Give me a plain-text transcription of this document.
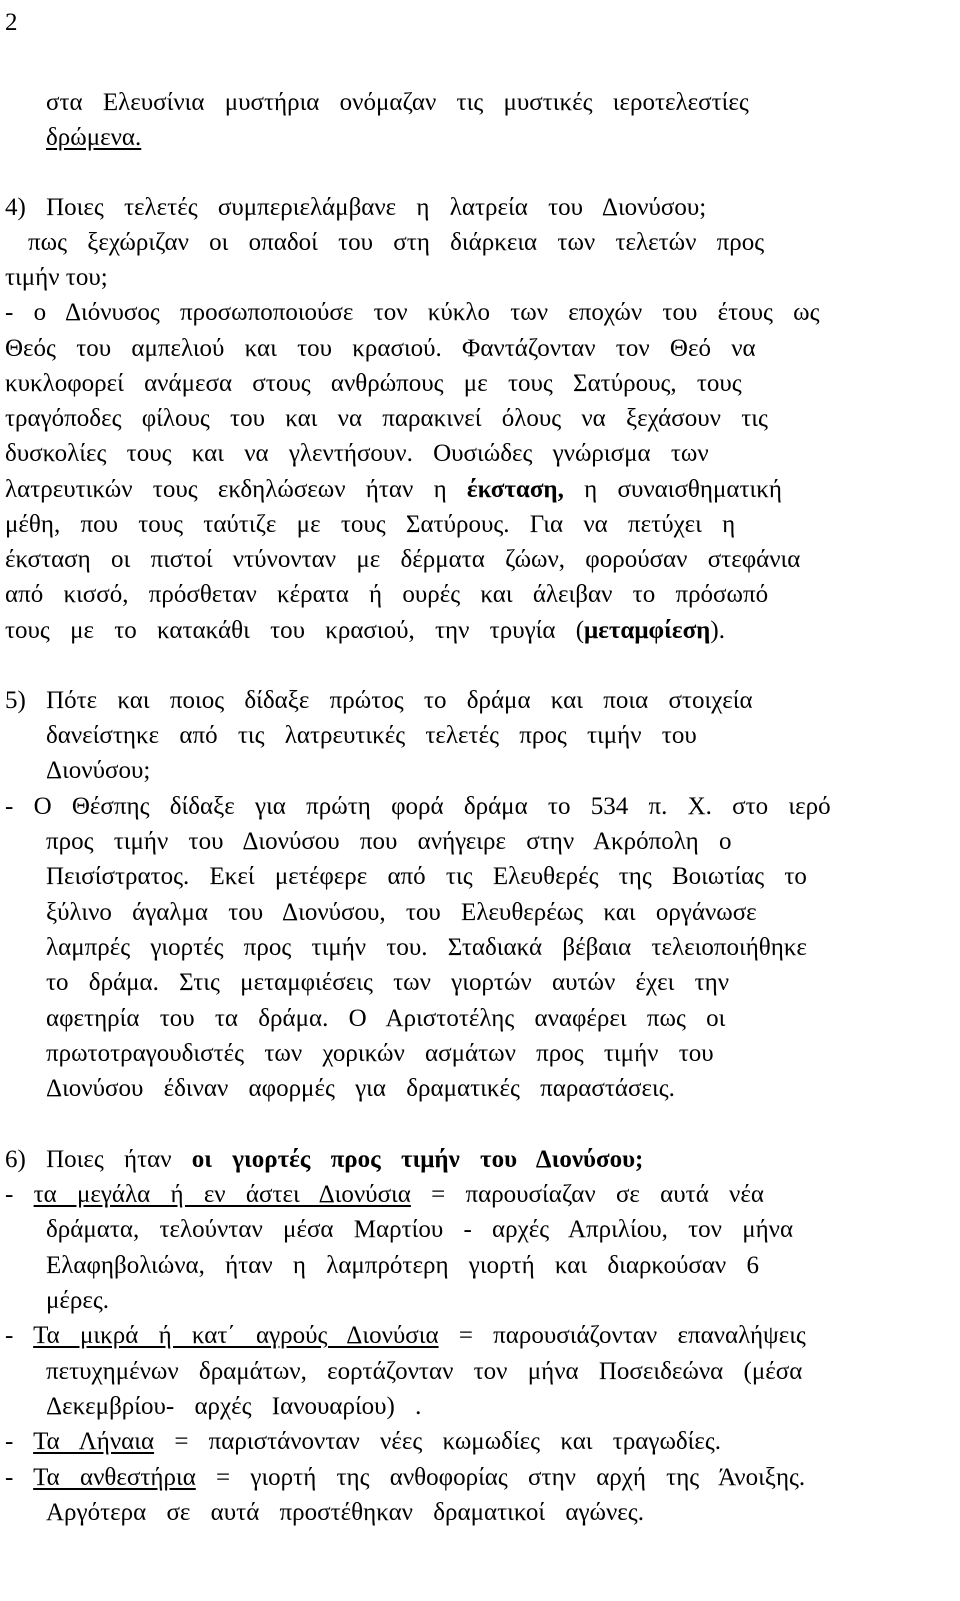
2
στα Ελευσίνια μυστήρια ονόμαζαν τις μυστικές ιεροτελεστίες
δρώμενα.
4) Ποιες τελετές συμπεριελάμβανε η λατρεία του Διονύσου;
πως ξεχώριζαν οι οπαδοί του στη διάρκεια των τελετών προς
τιμήν του;
- ο Διόνυσος προσωποποιούσε τον κύκλο των εποχών του έτους ως
Θεός του αμπελιού και του κρασιού. Φαντάζονταν τον Θεό να
κυκλοφορεί ανάμεσα στους ανθρώπους με τους Σατύρους, τους
τραγόποδες φίλους του και να παρακινεί όλους να ξεχάσουν τις
δυσκολίες τους και να γλεντήσουν. Ουσιώδες γνώρισμα των
λατρευτικών τους εκδηλώσεων ήταν η έκσταση, η συναισθηματική
μέθη, που τους ταύτιζε με τους Σατύρους. Για να πετύχει η
έκσταση οι πιστοί ντύνονταν με δέρματα ζώων, φορούσαν στεφάνια
από κισσό, πρόσθεταν κέρατα ή ουρές και άλειβαν το πρόσωπό
τους με το κατακάθι του κρασιού, την τρυγία (μεταμφίεση).
5) Πότε και ποιος δίδαξε πρώτος το δράμα και ποια στοιχεία
δανείστηκε από τις λατρευτικές τελετές προς τιμήν του
Διονύσου;
- Ο Θέσπης δίδαξε για πρώτη φορά δράμα το 534 π. Χ. στο ιερό
προς τιμήν του Διονύσου που ανήγειρε στην Ακρόπολη ο
Πεισίστρατος. Εκεί μετέφερε από τις Ελευθερές της Βοιωτίας το
ξύλινο άγαλμα του Διονύσου, του Ελευθερέως και οργάνωσε
λαμπρές γιορτές προς τιμήν του. Σταδιακά βέβαια τελειοποιήθηκε
το δράμα. Στις μεταμφιέσεις των γιορτών αυτών έχει την
αφετηρία του τα δράμα. Ο Αριστοτέλης αναφέρει πως οι
πρωτοτραγουδιστές των χορικών ασμάτων προς τιμήν του
Διονύσου έδιναν αφορμές για δραματικές παραστάσεις.
6) Ποιες ήταν οι γιορτές προς τιμήν του Διονύσου;
- τα μεγάλα ή εν άστει Διονύσια = παρουσίαζαν σε αυτά νέα
δράματα, τελούνταν μέσα Μαρτίου - αρχές Απριλίου, τον μήνα
Ελαφηβολιώνα, ήταν η λαμπρότερη γιορτή και διαρκούσαν 6
μέρες.
- Τα μικρά ή κατ΄ αγρούς Διονύσια = παρουσιάζονταν επαναλήψεις
πετυχημένων δραμάτων, εορτάζονταν τον μήνα Ποσειδεώνα (μέσα
Δεκεμβρίου- αρχές Ιανουαρίου) .
- Τα Λήναια = παριστάνονταν νέες κωμωδίες και τραγωδίες.
- Τα ανθεστήρια = γιορτή της ανθοφορίας στην αρχή της Άνοιξης.
Αργότερα σε αυτά προστέθηκαν δραματικοί αγώνες.
